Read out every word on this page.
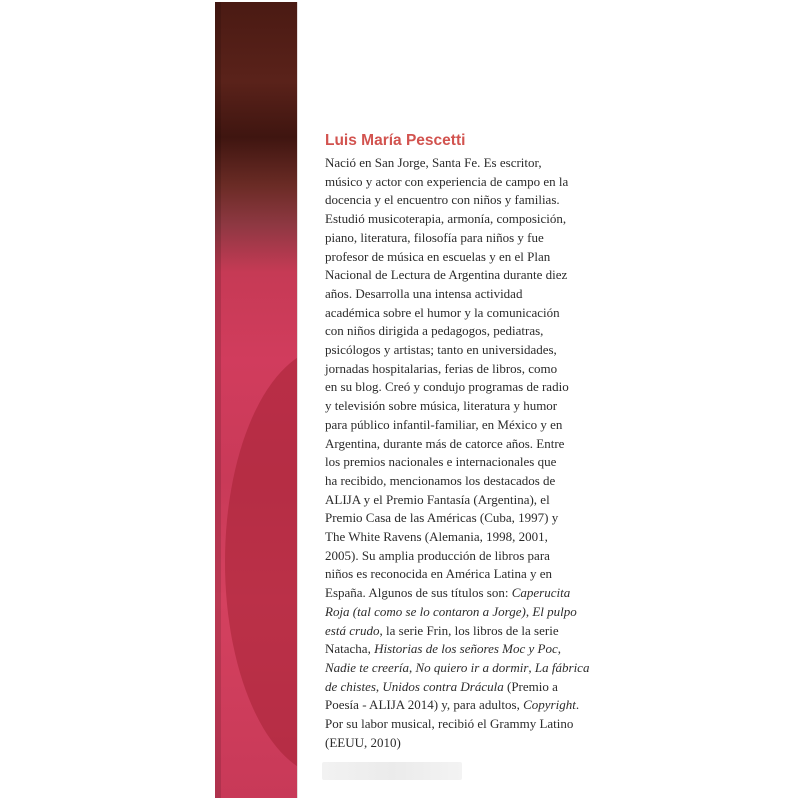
Luis María Pescetti

Nació en San Jorge, Santa Fe. Es escritor,
músico y actor con experiencia de campo en la
docencia y el encuentro con niños y familias.
Estudió musicoterapia, armonía, composición,
piano, literatura, filosofía para niños y fue
profesor de música en escuelas y en el Plan
Nacional de Lectura de Argentina durante diez
años. Desarrolla una intensa actividad
académica sobre el humor y la comunicación
con niños dirigida a pedagogos, pediatras,
psicólogos y artistas; tanto en universidades,
jornadas hospitalarias, ferias de libros, como
en su blog. Creó y condujo programas de radio
y televisión sobre música, literatura y humor
para público infantil-familiar, en México y en
Argentina, durante más de catorce años. Entre
los premios nacionales e internacionales que
ha recibido, mencionamos los destacados de
ALIJA y el Premio Fantasía (Argentina), el
Premio Casa de las Américas (Cuba, 1997) y
The White Ravens (Alemania, 1998, 2001,
2005). Su amplia producción de libros para
niños es reconocida en América Latina y en
España. Algunos de sus títulos son: Caperucita
Roja (tal como se lo contaron a Jorge), El pulpo
está crudo, la serie Frin, los libros de la serie
Natacha, Historias de los señores Moc y Poc,
Nadie te creería, No quiero ir a dormir, La fábrica
de chistes, Unidos contra Drácula (Premio a
Poesía - ALIJA 2014) y, para adultos, Copyright.
Por su labor musical, recibió el Grammy Latino
(EEUU, 2010)
